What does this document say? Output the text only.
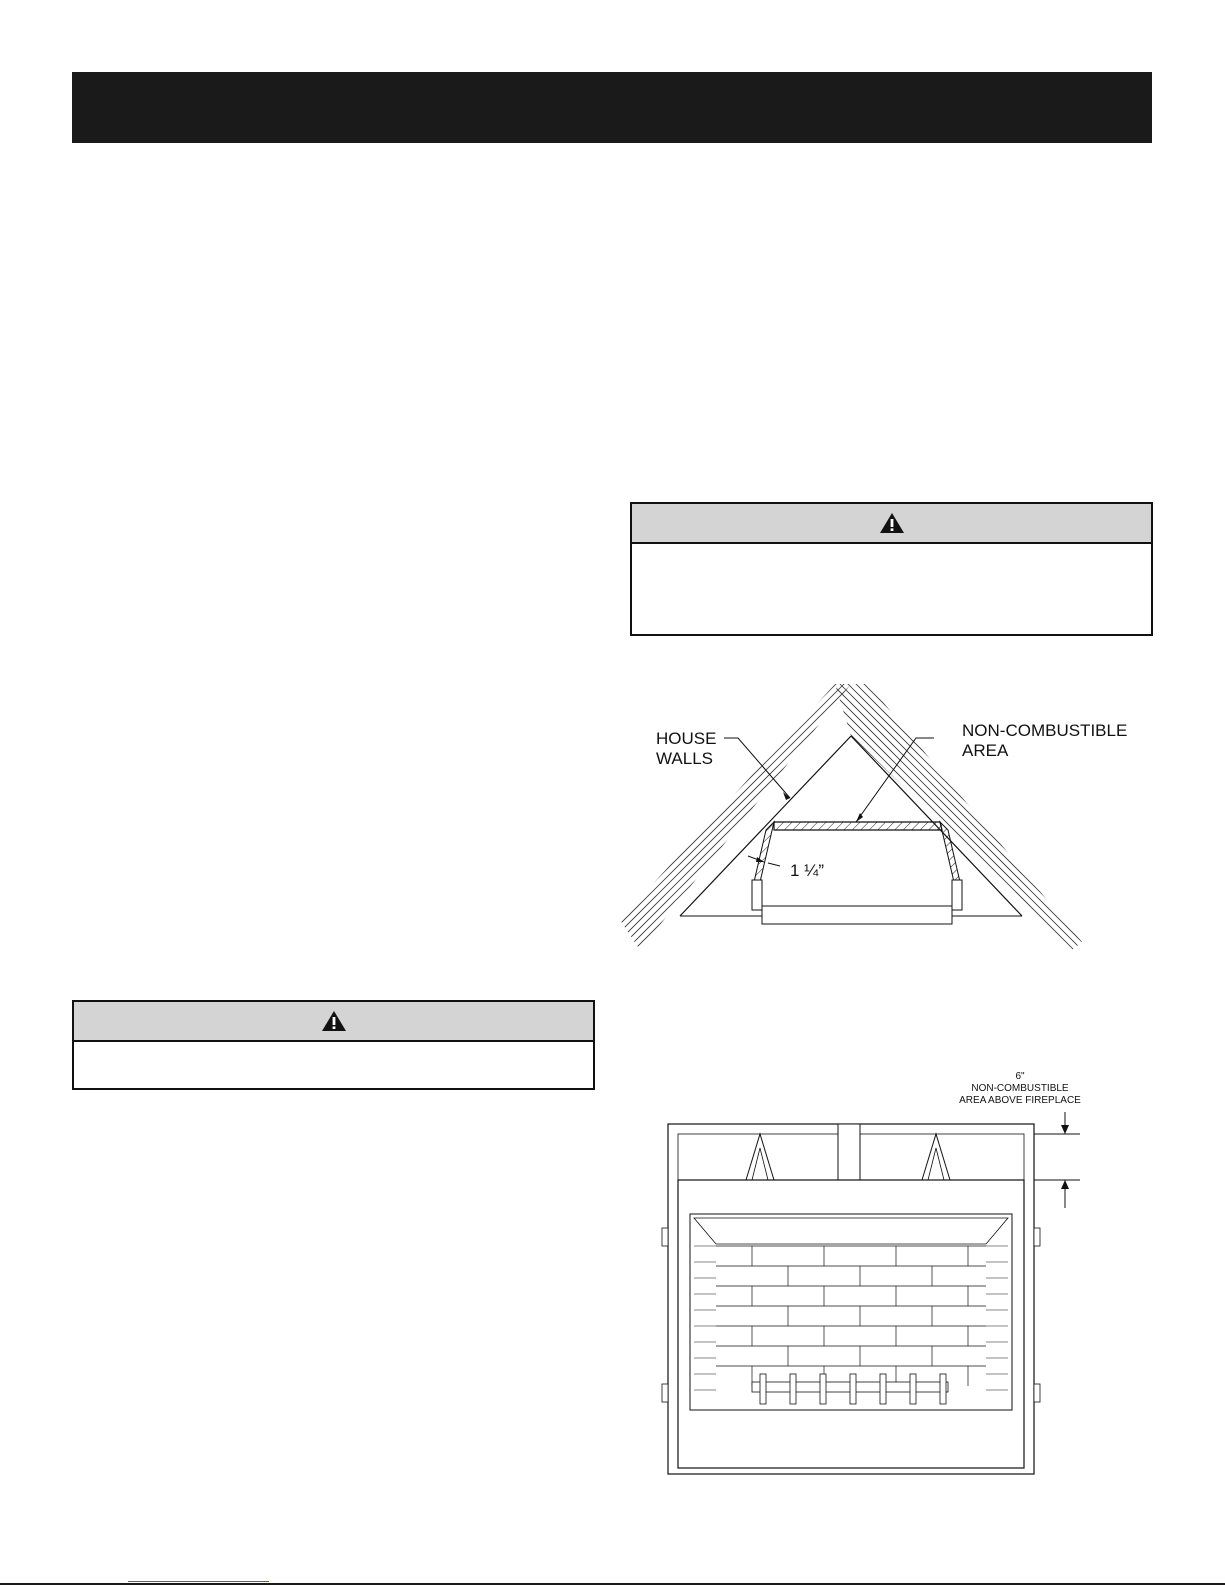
HOUSE
WALLS
NON-COMBUSTIBLE
AREA
1 ¼”
6"
NON-COMBUSTIBLE
AREA ABOVE FIREPLACE
